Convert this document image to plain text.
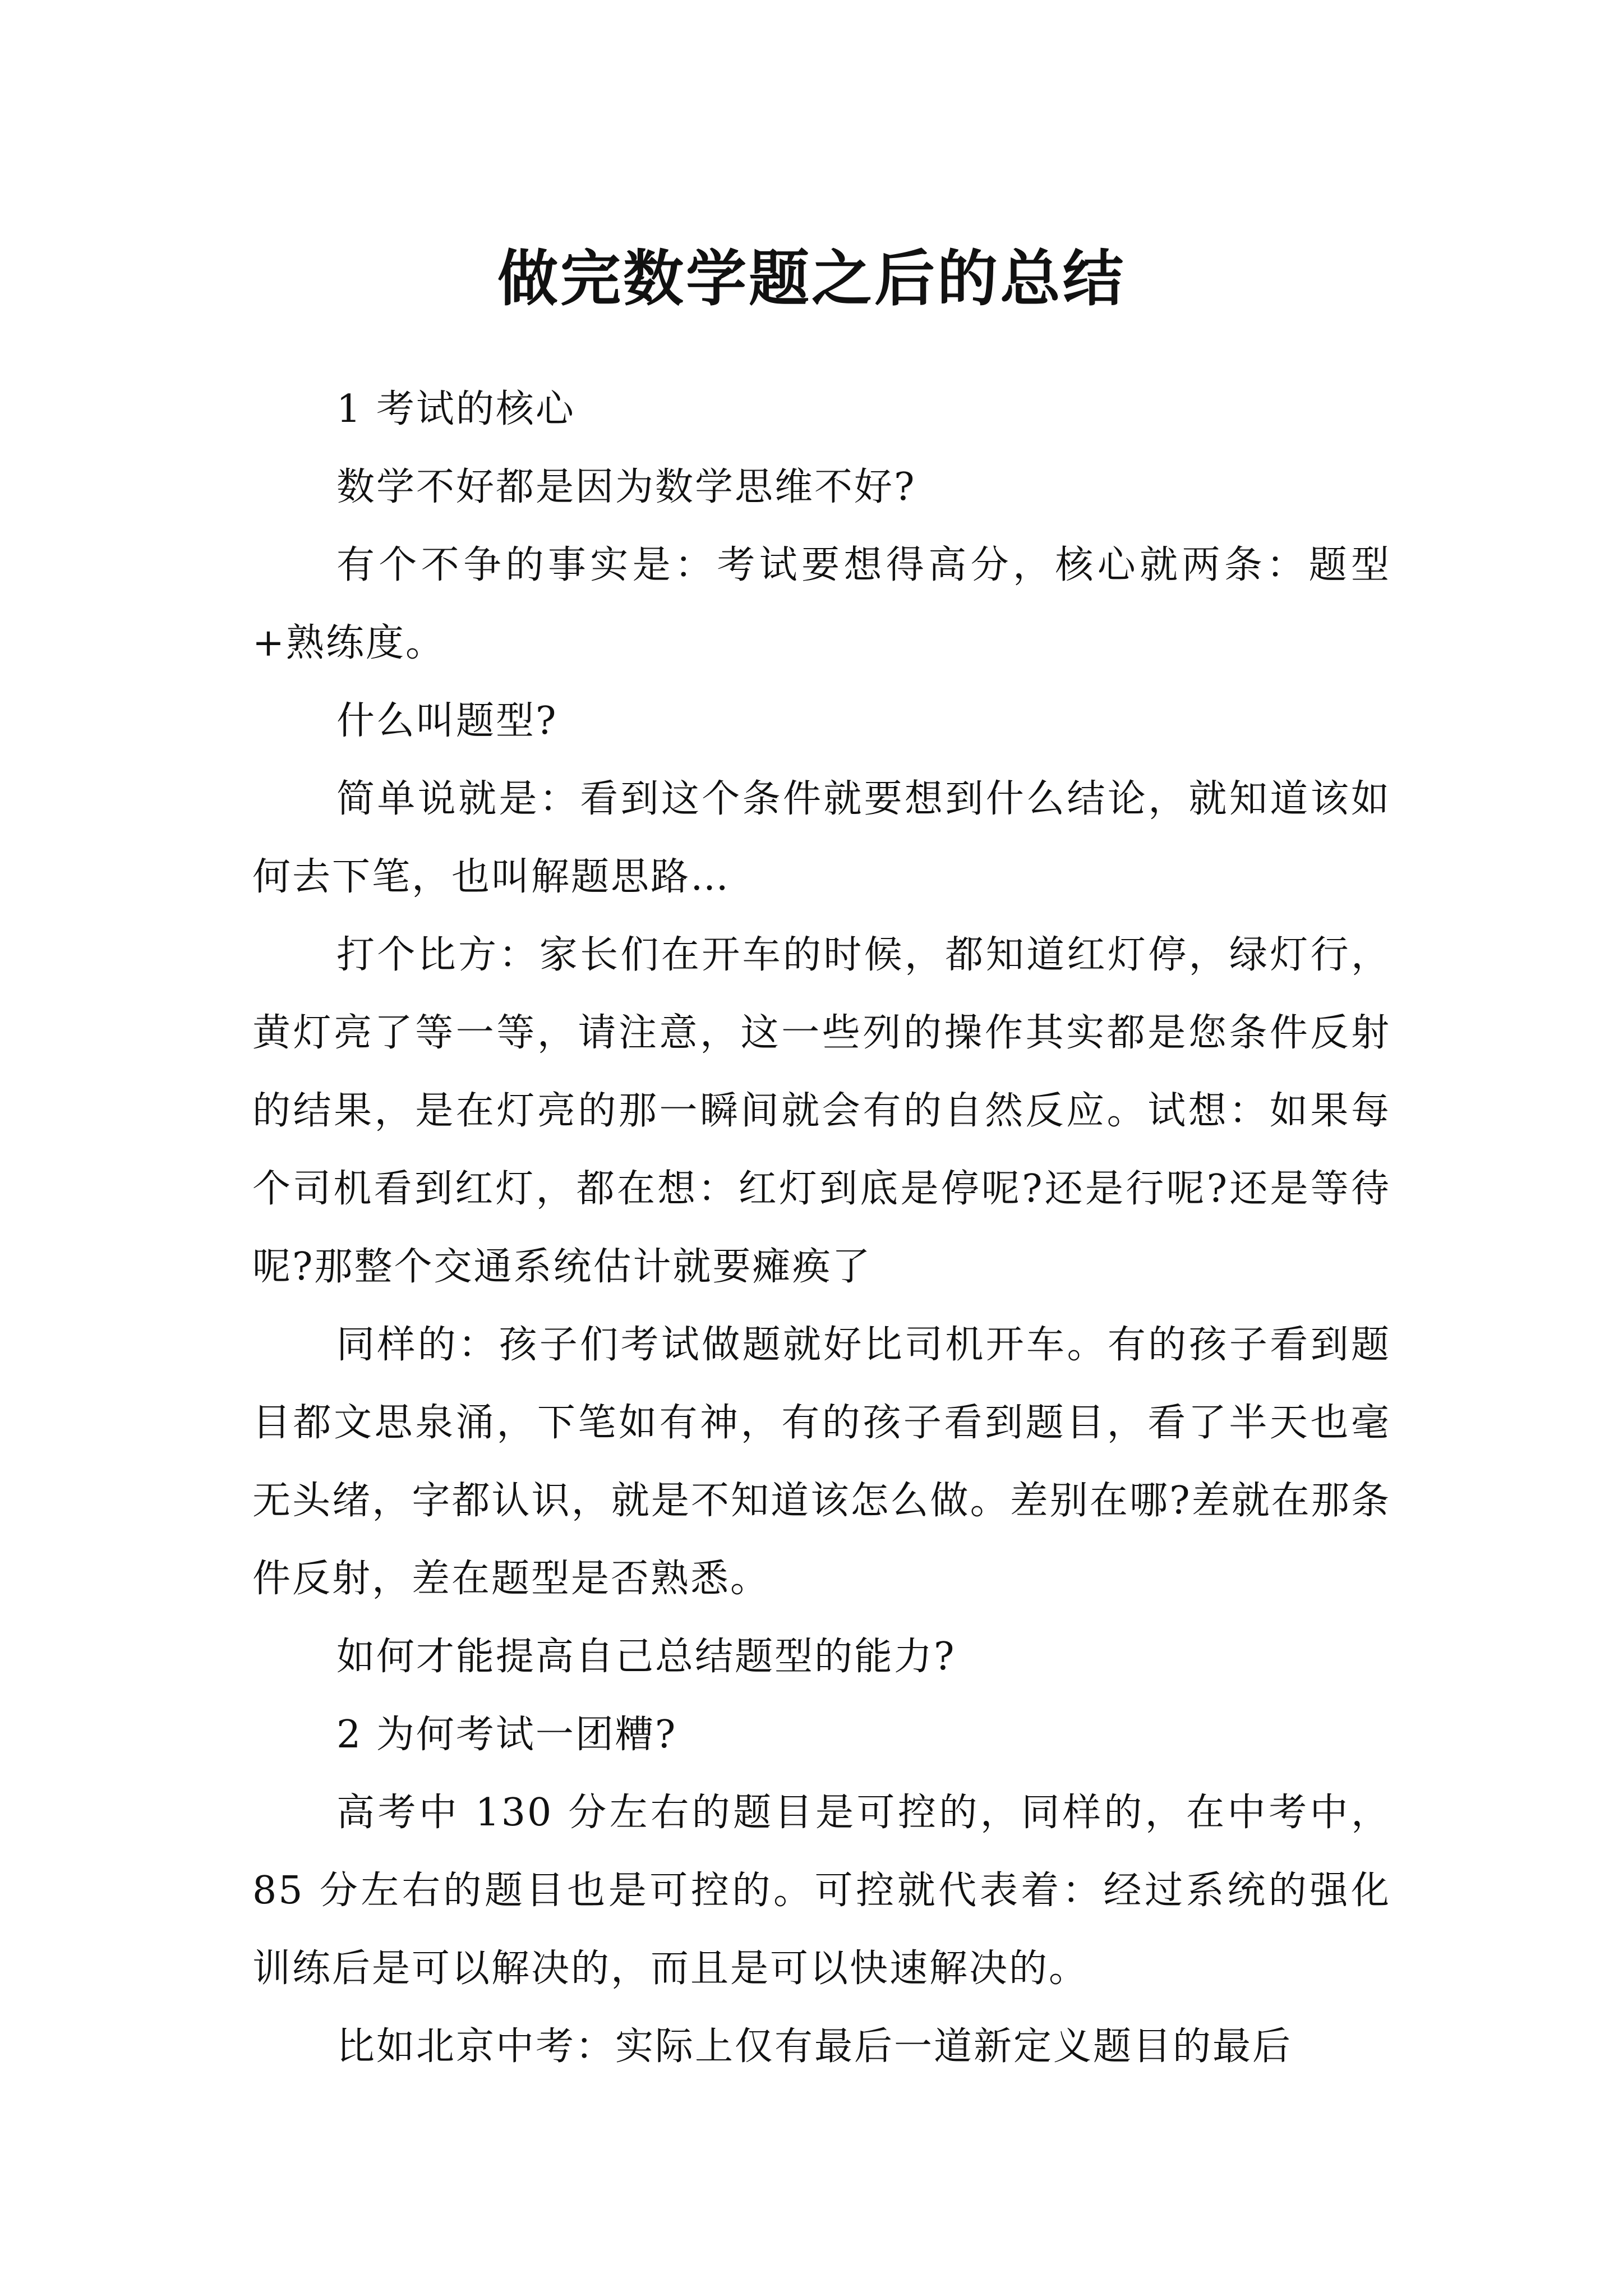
做完数学题之后的总结

1 考试的核心

数学不好都是因为数学思维不好?

有个不争的事实是：考试要想得高分，核心就两条：题型+熟练度。

什么叫题型?

简单说就是：看到这个条件就要想到什么结论，就知道该如何去下笔，也叫解题思路…

打个比方：家长们在开车的时候，都知道红灯停，绿灯行，黄灯亮了等一等，请注意，这一些列的操作其实都是您条件反射的结果，是在灯亮的那一瞬间就会有的自然反应。试想：如果每个司机看到红灯，都在想：红灯到底是停呢?还是行呢?还是等待呢?那整个交通系统估计就要瘫痪了

同样的：孩子们考试做题就好比司机开车。有的孩子看到题目都文思泉涌，下笔如有神，有的孩子看到题目，看了半天也毫无头绪，字都认识，就是不知道该怎么做。差别在哪?差就在那条件反射，差在题型是否熟悉。

如何才能提高自己总结题型的能力?

2 为何考试一团糟?

高考中 130 分左右的题目是可控的，同样的，在中考中，85 分左右的题目也是可控的。可控就代表着：经过系统的强化训练后是可以解决的，而且是可以快速解决的。

比如北京中考：实际上仅有最后一道新定义题目的最后
